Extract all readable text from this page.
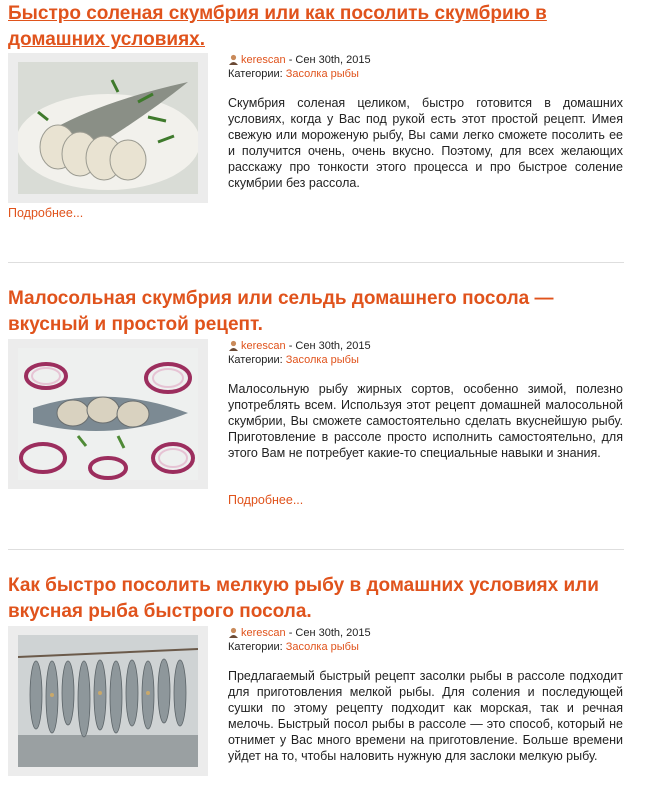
Быстро соленая скумбрия или как посолить скумбрию в домашних условиях.
kerescan - Сен 30th, 2015
Категории: Засолка рыбы
Скумбрия соленая целиком, быстро готовится в домашних условиях, когда у Вас под рукой есть этот простой рецепт. Имея свежую или мороженую рыбу, Вы сами легко сможете посолить ее и получится очень, очень вкусно. Поэтому, для всех желающих расскажу про тонкости этого процесса и про быстрое соление скумбрии без рассола.
Подробнее...
Малосольная скумбрия или сельдь домашнего посола — вкусный и простой рецепт.
kerescan - Сен 30th, 2015
Категории: Засолка рыбы
Малосольную рыбу жирных сортов, особенно зимой, полезно употреблять всем. Используя этот рецепт домашней малосольной скумбрии, Вы сможете самостоятельно сделать вкуснейшую рыбу. Приготовление в рассоле просто исполнить самостоятельно, для этого Вам не потребует какие-то специальные навыки и знания.
Подробнее...
Как быстро посолить мелкую рыбу в домашних условиях или вкусная рыба быстрого посола.
kerescan - Сен 30th, 2015
Категории: Засолка рыбы
Предлагаемый быстрый рецепт засолки рыбы в рассоле подходит для приготовления мелкой рыбы. Для соления и последующей сушки по этому рецепту подходит как морская, так и речная мелочь. Быстрый посол рыбы в рассоле — это способ, который не отнимет у Вас много времени на приготовление. Больше времени уйдет на то, чтобы наловить нужную для заслоки мелкую рыбу.
